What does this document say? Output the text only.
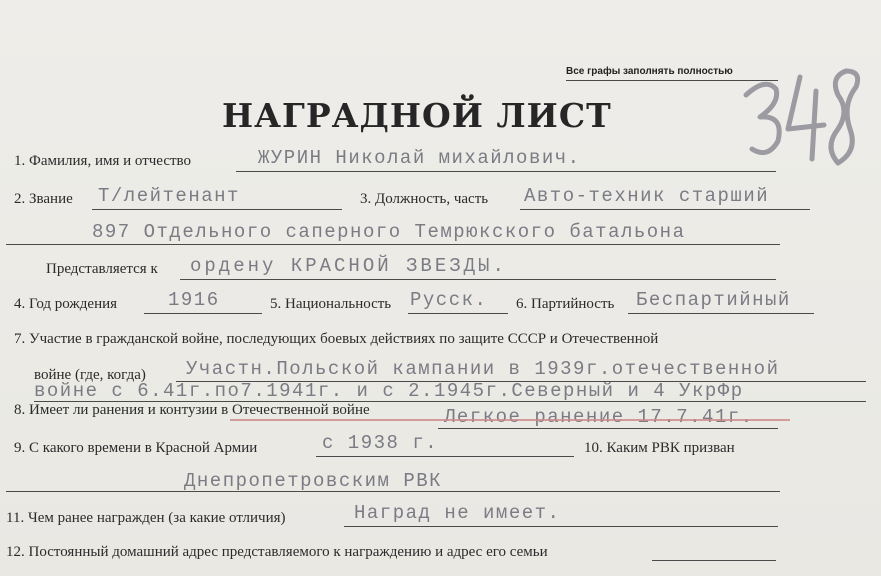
Все графы заполнять полностью
НАГРАДНОЙ ЛИСТ
1. Фамилия, имя и отчество	ЖУРИН Николай михайлович.
2. Звание Т/лейтенант	3. Должность, часть Авто-техник старший
897 Отдельного саперного Темрюкского батальона
Представляется к ордену КРАСНОЙ ЗВЕЗДЫ.
4. Год рождения	1916	5. Национальность Русск. 6. Партийность Беспартийный
7. Участие в гражданской войне, последующих боевых действиях по защите СССР и Отечественной
войне (где, когда) Участн.Польской кампании в 1939г.отечественной
войне с 6.41г.по7.1941г. и с 2.1945г.Северный и 4 УкрФр
8. Имеет ли ранения и контузии в Отечественной войне	Легкое ранение 17.7.41г.
9. С какого времени в Красной Армии	с 1938 г.	10. Каким РВК призван
Днепропетровским РВК
11. Чем ранее награжден (за какие отличия)	Наград не имеет.
12. Постоянный домашний адрес представляемого к награждению и адрес его семьи
